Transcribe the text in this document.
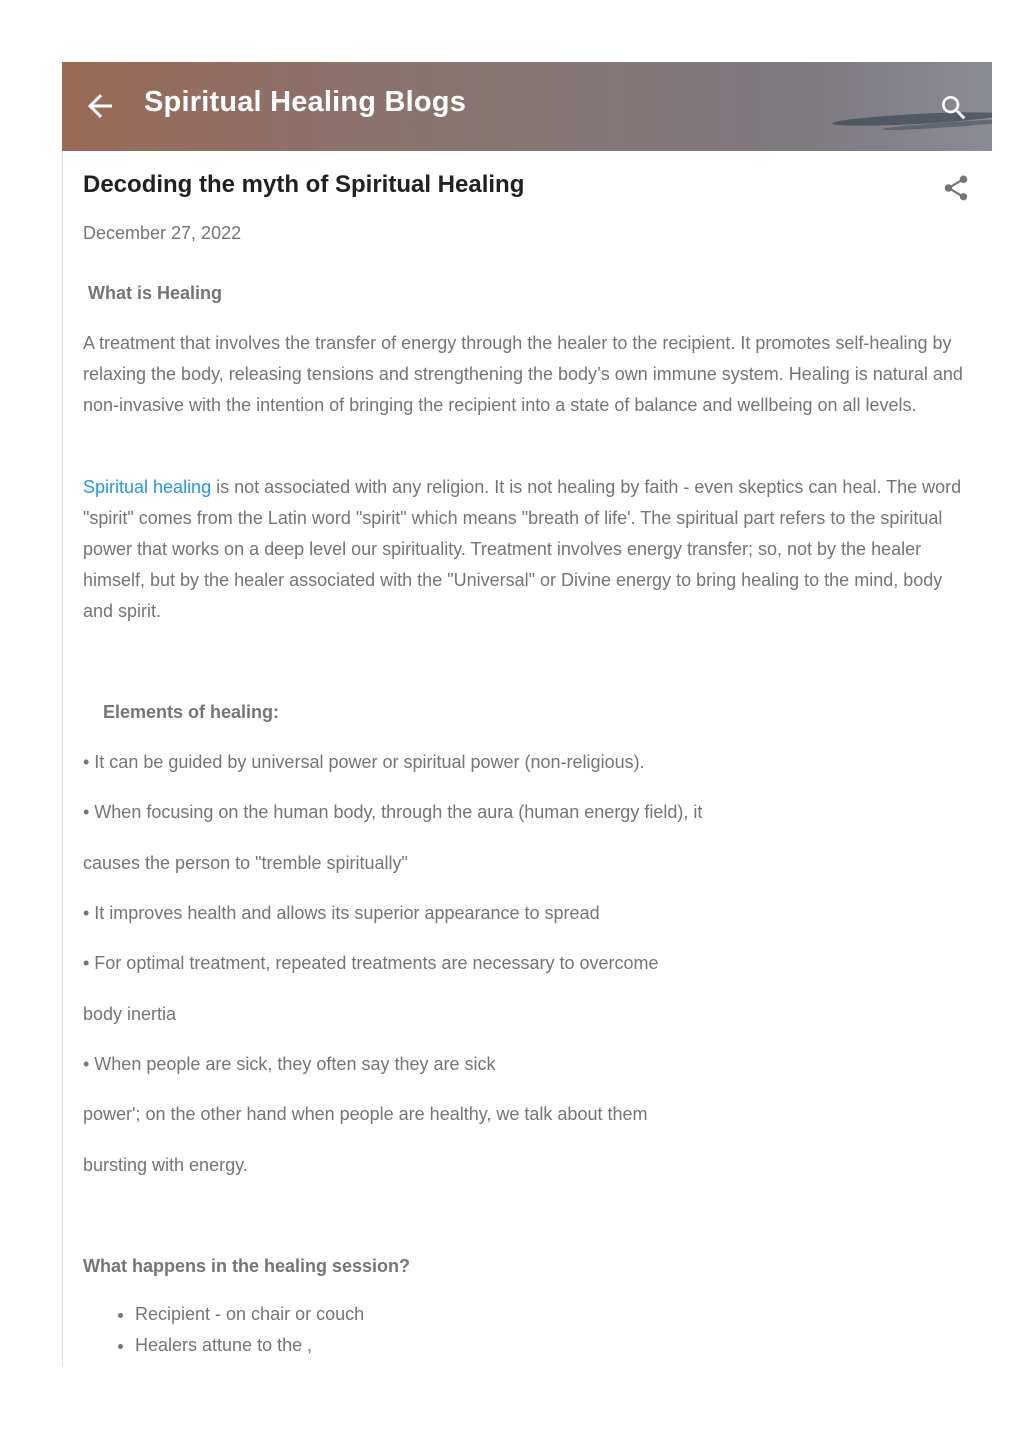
Spiritual Healing Blogs
Decoding the myth of Spiritual Healing
December 27, 2022
What is Healing
A treatment that involves the transfer of energy through the healer to the recipient. It promotes self-healing by relaxing the body, releasing tensions and strengthening the body’s own immune system. Healing is natural and non-invasive with the intention of bringing the recipient into a state of balance and wellbeing on all levels.
Spiritual healing is not associated with any religion. It is not healing by faith - even skeptics can heal. The word "spirit" comes from the Latin word "spirit" which means "breath of life'. The spiritual part refers to the spiritual power that works on a deep level our spirituality. Treatment involves energy transfer; so, not by the healer himself, but by the healer associated with the "Universal" or Divine energy to bring healing to the mind, body and spirit.
Elements of healing:
• It can be guided by universal power or spiritual power (non-religious).
• When focusing on the human body, through the aura (human energy field), it
causes the person to "tremble spiritually"
• It improves health and allows its superior appearance to spread
• For optimal treatment, repeated treatments are necessary to overcome
body inertia
• When people are sick, they often say they are sick
power'; on the other hand when people are healthy, we talk about them
bursting with energy.
What happens in the healing session?
• Recipient - on chair or couch
• Healers attune to the ,
